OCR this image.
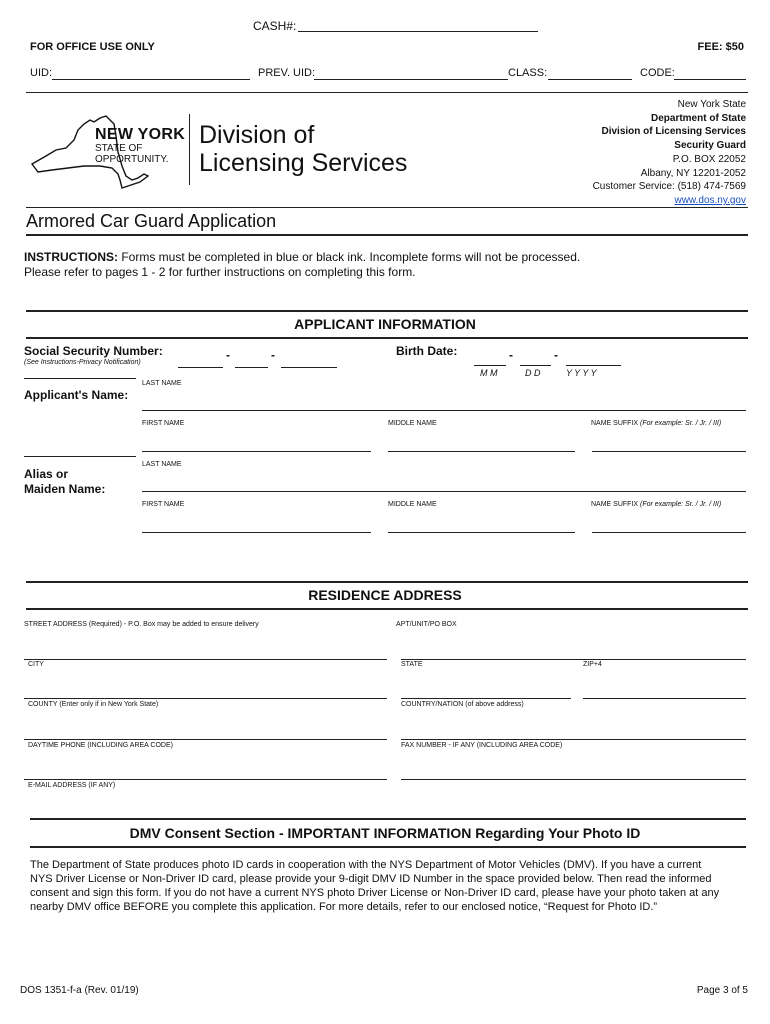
CASH#:
FOR OFFICE USE ONLY	FEE: $50
UID:	PREV. UID:	CLASS:	CODE:
NEW YORK
STATE OF
OPPORTUNITY.
Division of
Licensing Services
New York State
Department of State
Division of Licensing Services
Security Guard
P.O. BOX 22052
Albany, NY 12201-2052
Customer Service: (518) 474-7569
www.dos.ny.gov
Armored Car Guard Application
INSTRUCTIONS: Forms must be completed in blue or black ink. Incomplete forms will not be processed.
Please refer to pages 1 - 2 for further instructions on completing this form.
APPLICANT INFORMATION
Social Security Number:
(See Instructions-Privacy Notification)
-	-	Birth Date:	-	-
M M	D D	Y Y Y Y
LAST NAME
Applicant's Name:
FIRST NAME	MIDDLE NAME	NAME SUFFIX (For example: Sr. / Jr. / III)
LAST NAME
Alias or
Maiden Name:
FIRST NAME	MIDDLE NAME	NAME SUFFIX (For example: Sr. / Jr. / III)
RESIDENCE ADDRESS
STREET ADDRESS (Required) - P.O. Box may be added to ensure delivery	APT/UNIT/PO BOX
CITY	STATE	ZIP+4
COUNTY (Enter only if in New York State)	COUNTRY/NATION (of above address)
DAYTIME PHONE (INCLUDING AREA CODE)	FAX NUMBER - IF ANY (INCLUDING AREA CODE)
E-MAIL ADDRESS (IF ANY)
DMV Consent Section - IMPORTANT INFORMATION Regarding Your Photo ID
The Department of State produces photo ID cards in cooperation with the NYS Department of Motor Vehicles (DMV). If you have a current
NYS Driver License or Non-Driver ID card, please provide your 9-digit DMV ID Number in the space provided below. Then read the informed
consent and sign this form. If you do not have a current NYS photo Driver License or Non-Driver ID card, please have your photo taken at any
nearby DMV office BEFORE you complete this application. For more details, refer to our enclosed notice, “Request for Photo ID.”
DOS 1351-f-a (Rev. 01/19)	Page 3 of 5
